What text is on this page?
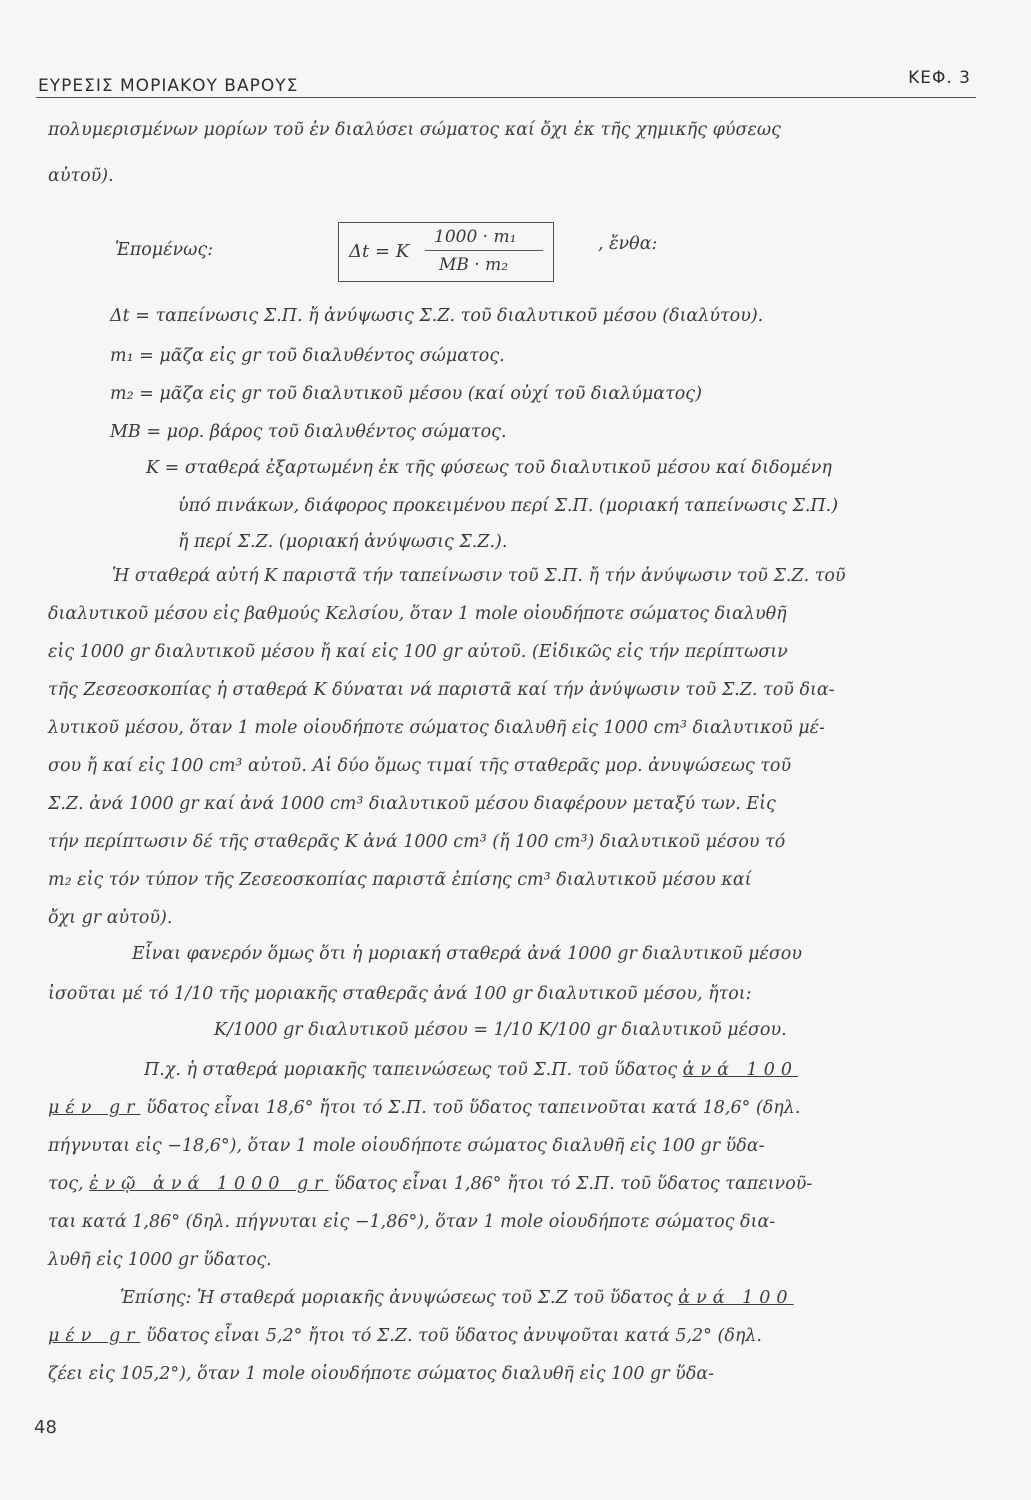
ΕΥΡΕΣΙΣ ΜΟΡΙΑΚΟΥ ΒΑΡΟΥΣ	ΚΕΦ. 3
πολυμερισμένων μορίων τοῦ ἐν διαλύσει σώματος καί ὄχι ἐκ τῆς χημικῆς φύσεως
αὐτοῦ).
Ἑπομένως:	Δt = K
1000 · m₁
MB · m₂
, ἔνθα:
Δt = ταπείνωσις Σ.Π. ἤ ἀνύψωσις Σ.Ζ. τοῦ διαλυτικοῦ μέσου (διαλύτου).
m₁ = μᾶζα εἰς gr τοῦ διαλυθέντος σώματος.
m₂ = μᾶζα εἰς gr τοῦ διαλυτικοῦ μέσου (καί οὐχί τοῦ διαλύματος)
MB = μορ. βάρος τοῦ διαλυθέντος σώματος.
K = σταθερά ἐξαρτωμένη ἐκ τῆς φύσεως τοῦ διαλυτικοῦ μέσου καί διδομένη
ὑπό πινάκων, διάφορος προκειμένου περί Σ.Π. (μοριακή ταπείνωσις Σ.Π.)
ἤ περί Σ.Ζ. (μοριακή ἀνύψωσις Σ.Ζ.).
Ἡ σταθερά αὐτή Κ παριστᾶ τήν ταπείνωσιν τοῦ Σ.Π. ἤ τήν ἀνύψωσιν τοῦ Σ.Ζ. τοῦ
διαλυτικοῦ μέσου εἰς βαθμούς Κελσίου, ὅταν 1 mole οἱουδήποτε σώματος διαλυθῆ
εἰς 1000 gr διαλυτικοῦ μέσου ἤ καί εἰς 100 gr αὐτοῦ. (Εἰδικῶς εἰς τήν περίπτωσιν
τῆς Ζεσεοσκοπίας ἡ σταθερά Κ δύναται νά παριστᾶ καί τήν ἀνύψωσιν τοῦ Σ.Ζ. τοῦ δια-
λυτικοῦ μέσου, ὅταν 1 mole οἱουδήποτε σώματος διαλυθῆ εἰς 1000 cm³ διαλυτικοῦ μέ-
σου ἤ καί εἰς 100 cm³ αὐτοῦ. Αἱ δύο ὅμως τιμαί τῆς σταθερᾶς μορ. ἀνυψώσεως τοῦ
Σ.Ζ. ἀνά 1000 gr καί ἀνά 1000 cm³ διαλυτικοῦ μέσου διαφέρουν μεταξύ των. Εἰς
τήν περίπτωσιν δέ τῆς σταθερᾶς Κ ἀνά 1000 cm³ (ἤ 100 cm³) διαλυτικοῦ μέσου τό
m₂ εἰς τόν τύπον τῆς Ζεσεοσκοπίας παριστᾶ ἐπίσης cm³ διαλυτικοῦ μέσου καί
ὄχι gr αὐτοῦ).
Εἶναι φανερόν ὅμως ὅτι ἡ μοριακή σταθερά ἀνά 1000 gr διαλυτικοῦ μέσου
ἰσοῦται μέ τό 1/10 τῆς μοριακῆς σταθερᾶς ἀνά 100 gr διαλυτικοῦ μέσου, ἤτοι:
Κ/1000 gr διαλυτικοῦ μέσου = 1/10 Κ/100 gr διαλυτικοῦ μέσου.
Π.χ. ἡ σταθερά μοριακῆς ταπεινώσεως τοῦ Σ.Π. τοῦ ὕδατος ἀνά 100
μέν gr ὕδατος εἶναι 18,6° ἤτοι τό Σ.Π. τοῦ ὕδατος ταπεινοῦται κατά 18,6° (δηλ.
πήγνυται εἰς −18,6°), ὅταν 1 mole οἱουδήποτε σώματος διαλυθῆ εἰς 100 gr ὕδα-
τος, ἐνῷ ἀνά 1000 gr ὕδατος εἶναι 1,86° ἤτοι τό Σ.Π. τοῦ ὕδατος ταπεινοῦ-
ται κατά 1,86° (δηλ. πήγνυται εἰς −1,86°), ὅταν 1 mole οἱουδήποτε σώματος δια-
λυθῆ εἰς 1000 gr ὕδατος.
Ἐπίσης: Ἡ σταθερά μοριακῆς ἀνυψώσεως τοῦ Σ.Ζ τοῦ ὕδατος ἀνά 100
μέν gr ὕδατος εἶναι 5,2° ἤτοι τό Σ.Ζ. τοῦ ὕδατος ἀνυψοῦται κατά 5,2° (δηλ.
ζέει εἰς 105,2°), ὅταν 1 mole οἱουδήποτε σώματος διαλυθῆ εἰς 100 gr ὕδα-
48
